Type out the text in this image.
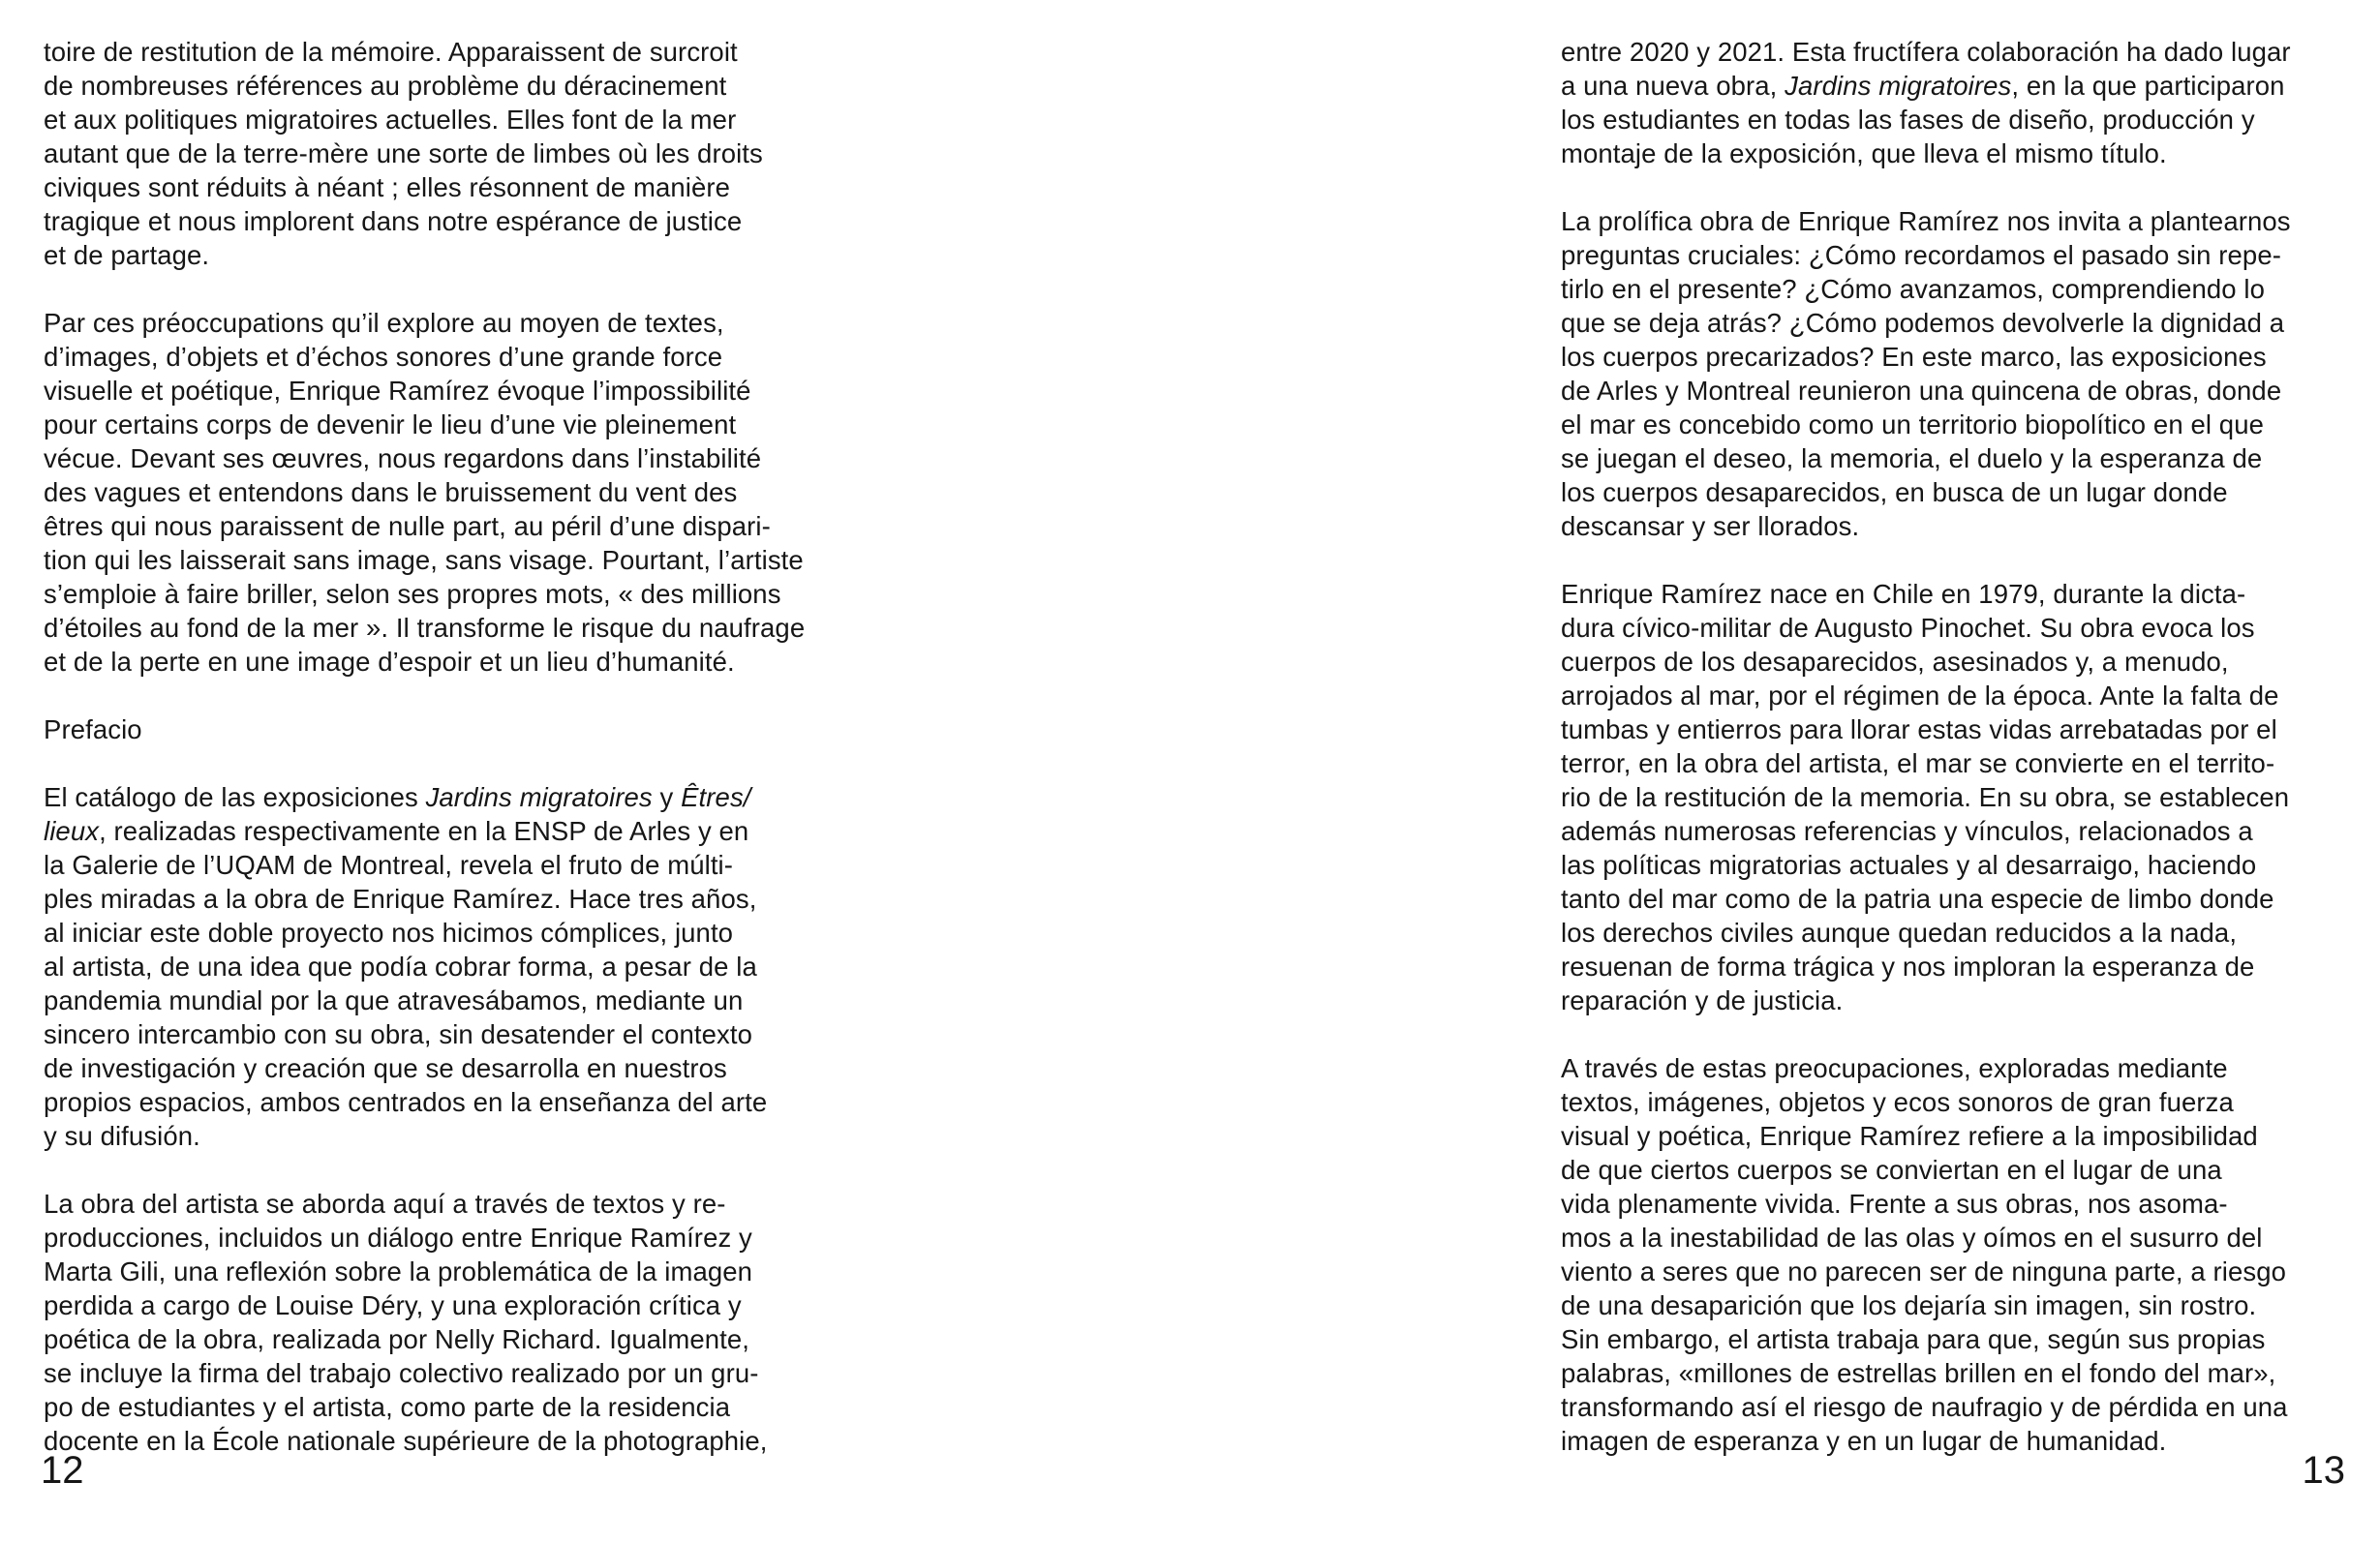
toire de restitution de la mémoire. Apparaissent de surcroit
de nombreuses références au problème du déracinement
et aux politiques migratoires actuelles. Elles font de la mer
autant que de la terre-mère une sorte de limbes où les droits
civiques sont réduits à néant ; elles résonnent de manière
tragique et nous implorent dans notre espérance de justice
et de partage.
Par ces préoccupations qu’il explore au moyen de textes,
d’images, d’objets et d’échos sonores d’une grande force
visuelle et poétique, Enrique Ramírez évoque l’impossibilité
pour certains corps de devenir le lieu d’une vie pleinement
vécue. Devant ses œuvres, nous regardons dans l’instabilité
des vagues et entendons dans le bruissement du vent des
êtres qui nous paraissent de nulle part, au péril d’une dispari-
tion qui les laisserait sans image, sans visage. Pourtant, l’artiste
s’emploie à faire briller, selon ses propres mots, « des millions
d’étoiles au fond de la mer ». Il transforme le risque du naufrage
et de la perte en une image d’espoir et un lieu d’humanité.
Prefacio
El catálogo de las exposiciones Jardins migratoires y Êtres/
lieux, realizadas respectivamente en la ENSP de Arles y en
la Galerie de l’UQAM de Montreal, revela el fruto de múlti-
ples miradas a la obra de Enrique Ramírez. Hace tres años,
al iniciar este doble proyecto nos hicimos cómplices, junto
al artista, de una idea que podía cobrar forma, a pesar de la
pandemia mundial por la que atravesábamos, mediante un
sincero intercambio con su obra, sin desatender el contexto
de investigación y creación que se desarrolla en nuestros
propios espacios, ambos centrados en la enseñanza del arte
y su difusión.
La obra del artista se aborda aquí a través de textos y re-
producciones, incluidos un diálogo entre Enrique Ramírez y
Marta Gili, una reflexión sobre la problemática de la imagen
perdida a cargo de Louise Déry, y una exploración crítica y
poética de la obra, realizada por Nelly Richard. Igualmente,
se incluye la firma del trabajo colectivo realizado por un gru-
po de estudiantes y el artista, como parte de la residencia
docente en la École nationale supérieure de la photographie,
entre 2020 y 2021. Esta fructífera colaboración ha dado lugar
a una nueva obra, Jardins migratoires, en la que participaron
los estudiantes en todas las fases de diseño, producción y
montaje de la exposición, que lleva el mismo título.
La prolífica obra de Enrique Ramírez nos invita a plantearnos
preguntas cruciales: ¿Cómo recordamos el pasado sin repe-
tirlo en el presente? ¿Cómo avanzamos, comprendiendo lo
que se deja atrás? ¿Cómo podemos devolverle la dignidad a
los cuerpos precarizados? En este marco, las exposiciones
de Arles y Montreal reunieron una quincena de obras, donde
el mar es concebido como un territorio biopolítico en el que
se juegan el deseo, la memoria, el duelo y la esperanza de
los cuerpos desaparecidos, en busca de un lugar donde
descansar y ser llorados.
Enrique Ramírez nace en Chile en 1979, durante la dicta-
dura cívico-militar de Augusto Pinochet. Su obra evoca los
cuerpos de los desaparecidos, asesinados y, a menudo,
arrojados al mar, por el régimen de la época. Ante la falta de
tumbas y entierros para llorar estas vidas arrebatadas por el
terror, en la obra del artista, el mar se convierte en el territo-
rio de la restitución de la memoria. En su obra, se establecen
además numerosas referencias y vínculos, relacionados a
las políticas migratorias actuales y al desarraigo, haciendo
tanto del mar como de la patria una especie de limbo donde
los derechos civiles aunque quedan reducidos a la nada,
resuenan de forma trágica y nos imploran la esperanza de
reparación y de justicia.
A través de estas preocupaciones, exploradas mediante
textos, imágenes, objetos y ecos sonoros de gran fuerza
visual y poética, Enrique Ramírez refiere a la imposibilidad
de que ciertos cuerpos se conviertan en el lugar de una
vida plenamente vivida. Frente a sus obras, nos asoma-
mos a la inestabilidad de las olas y oímos en el susurro del
viento a seres que no parecen ser de ninguna parte, a riesgo
de una desaparición que los dejaría sin imagen, sin rostro.
Sin embargo, el artista trabaja para que, según sus propias
palabras, «millones de estrellas brillen en el fondo del mar»,
transformando así el riesgo de naufragio y de pérdida en una
imagen de esperanza y en un lugar de humanidad.
12	13
